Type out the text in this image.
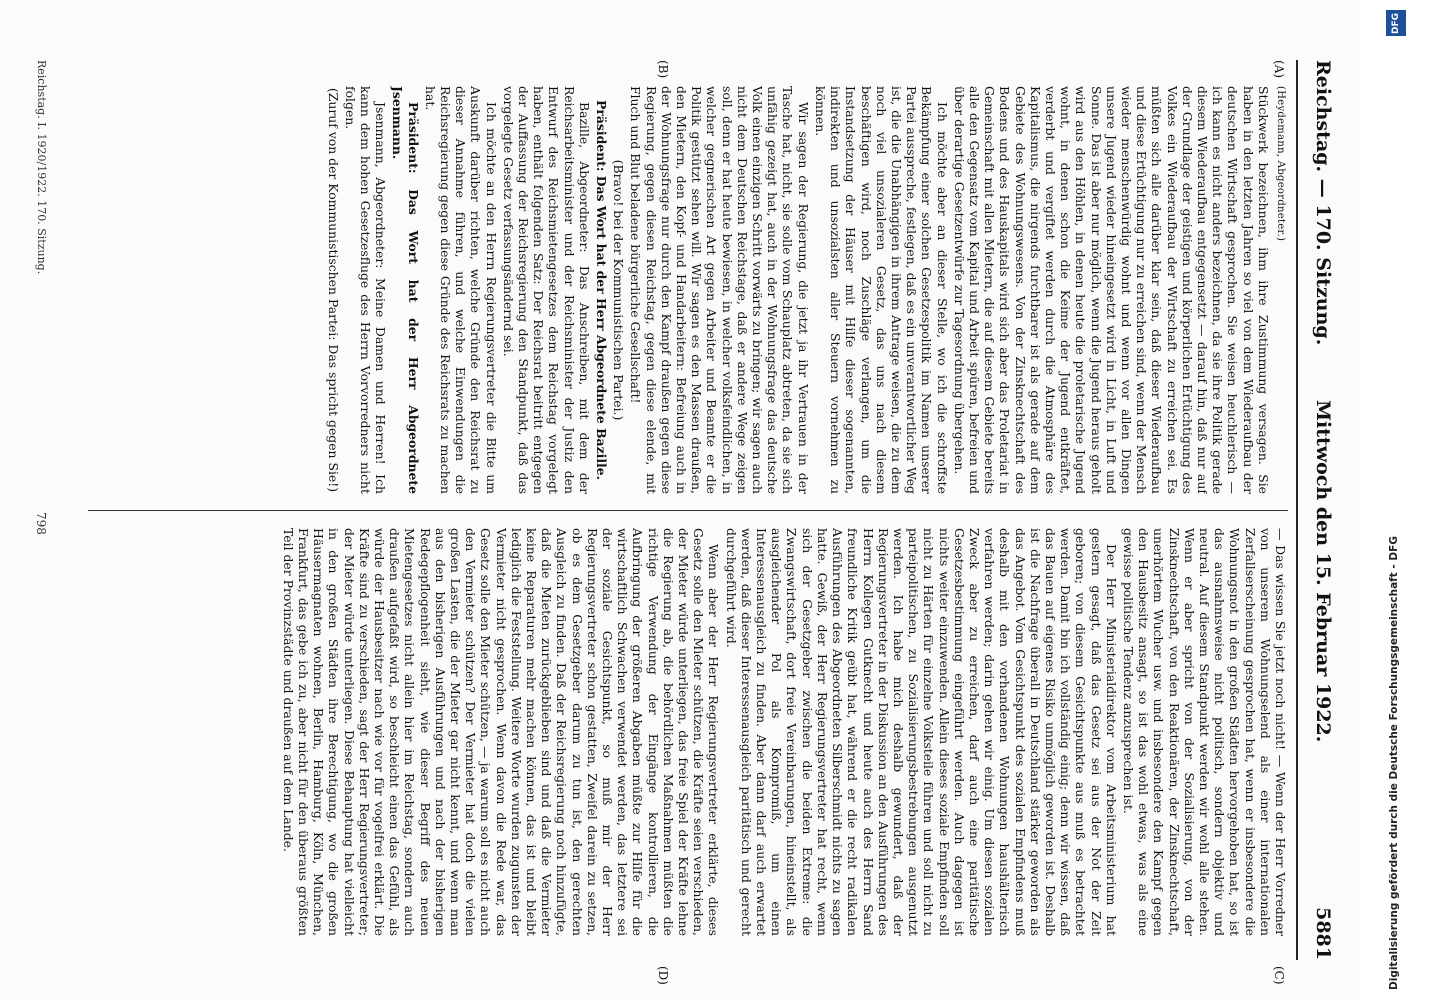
Reichstag. — 170. Sitzung.
Mittwoch den 15. Februar 1922.
5881
(A)
(B)
(C)
(D)

(Heydemann, Abgeordneter.)

Stückwerk bezeichnen, ihm ihre Zustimmung versagen. Sie haben in den letzten Jahren so viel von dem Wiederaufbau der deutschen Wirtschaft gesprochen. Sie weisen heuchlerisch — ich kann es nicht anders bezeichnen, da sie ihre Politik gerade diesem Wiederaufbau entgegensetzt — darauf hin, daß nur auf der Grundlage der geistigen und körperlichen Ertüchtigung des Volkes ein Wiederaufbau der Wirtschaft zu erreichen sei. Es müßten sich alle darüber klar sein, daß dieser Wiederaufbau und diese Ertüchtigung nur zu erreichen sind, wenn der Mensch wieder menschenwürdig wohnt und wenn vor allen Dingen unsere Jugend wieder hineingesetzt wird in Licht, in Luft und Sonne. Das ist aber nur möglich, wenn die Jugend heraus geholt wird aus den Höhlen, in denen heute die proletarische Jugend wohnt, in denen schon die Keime der Jugend entkräftet, verderbt und vergiftet werden durch die Atmosphäre des Kapitalismus, die nirgends furchtbarer ist als gerade auf dem Gebiete des Wohnungswesens. Von der Zinsknechtschaft des Bodens und des Hauskapitals wird sich aber das Proletariat in Gemeinschaft mit allen Mietern, die auf diesem Gebiete bereits alle den Gegensatz vom Kapital und Arbeit spüren, befreien und über derartige Gesetzentwürfe zur Tagesordnung übergehen.

Ich möchte aber an dieser Stelle, wo ich die schroffste Bekämpfung einer solchen Gesetzespolitik im Namen unserer Partei ausspreche, festlegen, daß es ein unverantwortlicher Weg ist, die die Unabhängigen in ihrem Antrage weisen, die zu dem noch viel unsozialeren Gesetz, das uns nach diesem beschäftigen wird, noch Zuschläge verlangen, um die Instandsetzung der Häuser mit Hilfe dieser sogenannten, indirekten und unsozialsten aller Steuern vornehmen zu können.

Wir sagen der Regierung, die jetzt ja ihr Vertrauen in der Tasche hat, nicht, sie solle vom Schauplatz abtreten, da sie sich unfähig gezeigt hat, auch in der Wohnungsfrage das deutsche Volk einen einzigen Schritt vorwärts zu bringen; wir sagen auch nicht dem Deutschen Reichstage, daß er andere Wege zeigen soll, denn er hat heute bewiesen, in welcher volksfeindlichen, in welcher gegnerischen Art gegen Arbeiter und Beamte er die Politik gestützt sehen will. Wir sagen es den Massen draußen, den Mietern, den Kopf- und Handarbeitern: Befreiung auch in der Wohnungsfrage nur durch den Kampf draußen gegen diese Regierung, gegen diesen Reichstag, gegen diese elende, mit Fluch und Blut beladene bürgerliche Gesellschaft!

(Bravo! bei der Kommunistischen Partei.)

Präsident: Das Wort hat der Herr Abgeordnete Bazille.

Bazille, Abgeordneter: Das Anschreiben, mit dem der Reichsarbeitsminister und der Reichsminister der Justiz den Entwurf des Reichsmietengesetzes dem Reichstag vorgelegt haben, enthält folgenden Satz: Der Reichsrat beitritt entgegen der Auffassung der Reichsregierung den Standpunkt, daß das vorgelegte Gesetz verfassungsändernd sei.

Ich möchte an den Herrn Regierungsvertreter die Bitte um Auskunft darüber richten, welche Gründe den Reichsrat zu dieser Annahme führen, und welche Einwendungen die Reichsregierung gegen diese Gründe des Reichsrats zu machen hat.

Präsident: Das Wort hat der Herr Abgeordnete Jsenmann.

Jsenmann, Abgeordneter: Meine Damen und Herren! Ich kann dem hohen Gesetzesfluge des Herrn Vorvorredners nicht folgen.

(Zuruf von der Kommunistischen Partei: Das spricht gegen Sie!)

— Das wissen Sie jetzt noch nicht! — Wenn der Herr Vorredner von unserem Wohnungselend als einer internationalen Zerfallserscheinung gesprochen hat, wenn er insbesondere die Wohnungsnot in den großen Städten hervorgehoben hat, so ist das ausnahmsweise nicht politisch, sondern objektiv und neutral. Auf diesem Standpunkt werden wir wohl alle stehen. Wenn er aber spricht von der Sozialisierung, von der Zinsknechtschaft, von den Reaktionären, der Zinsknechtschaft, unerhörtem Wucher usw. und insbesondere den Kampf gegen den Hausbesitz ansagt, so ist das wohl etwas, was als eine gewisse politische Tendenz anzusprechen ist.

Der Herr Ministerialdirektor vom Arbeitsministerium hat gestern gesagt, daß das Gesetz sei aus der Not der Zeit geboren; von diesem Gesichtspunkte aus muß es betrachtet werden. Damit bin ich vollständig einig; denn wir wissen, daß das Bauen auf eigenes Risiko unmöglich geworden ist. Deshalb ist die Nachfrage überall in Deutschland stärker geworden als das Angebot. Vom Gesichtspunkt des sozialen Empfindens muß deshalb mit den vorhandenen Wohnungen haushälterisch verfahren werden; darin gehen wir einig. Um diesen sozialen Zweck aber zu erreichen, darf auch eine paritätische Gesetzesbestimmung eingeführt werden. Auch dagegen ist nichts weiter einzuwenden. Allein dieses soziale Empfinden soll nicht zu Härten für einzelne Volksteile führen und soll nicht zu parteipolitischen, zu Sozialisierungsbestrebungen ausgenutzt werden. Ich habe mich deshalb gewundert, daß der Regierungsvertreter in der Diskussion an den Ausführungen des Herrn Kollegen Gutknecht und heute auch des Herrn Sand freundliche Kritik geübt hat, während er die recht radikalen Ausführungen des Abgeordneten Silberschmidt nichts zu sagen hatte. Gewiß, der Herr Regierungsvertreter hat recht, wenn sich der Gesetzgeber zwischen die beiden Extreme: die Zwangswirtschaft, dort freie Vereinbarungen, hineinstellt, als ausgleichender Pol als Kompromiß, um einen Interessenausgleich zu finden. Aber dann darf auch erwartet werden, daß dieser Interessenausgleich paritätisch und gerecht durchgeführt wird.

Wenn aber der Herr Regierungsvertreter erklärte, dieses Gesetz solle den Mieter schützen, die Kräfte seien verschieden, der Mieter würde unterliegen, das freie Spiel der Kräfte lehne die Regierung ab, die behördlichen Maßnahmen müßten die richtige Verwendung der Eingänge kontrollieren, die Aufbringung der größeren Abgaben müßte zur Hilfe für die wirtschaftlich Schwachen verwendet werden, das letztere sei der soziale Gesichtspunkt, so muß mir der Herr Regierungsvertreter schon gestatten, Zweifel darein zu setzen, ob es dem Gesetzgeber darum zu tun ist, den gerechten Ausgleich zu finden. Daß der Reichsregierung noch hinzufügte, daß die Mieten zurückgeblieben sind und daß die Vermieter keine Reparaturen mehr machen können, das ist und bleibt lediglich die Feststellung. Weitere Worte wurden zugunsten der Vermieter nicht gesprochen. Wenn davon die Rede war, das Gesetz solle den Mieter schützen, — ja warum soll es nicht auch den Vermieter schützen? Der Vermieter hat doch die vielen großen Lasten, die der Mieter gar nicht kennt, und wenn man aus den bisherigen Ausführungen und nach der bisherigen Redegepflogenheit sieht, wie dieser Begriff des neuen Mietengesetzes nicht allein hier im Reichstag, sondern auch draußen aufgefaßt wird, so beschleicht einen das Gefühl, als würde der Hausbesitzer nach wie vor für vogelfrei erklärt. Die Kräfte sind zu verschieden, sagt der Herr Regierungsvertreter; der Mieter würde unterliegen. Diese Behauptung hat vielleicht in den großen Städten ihre Berechtigung, wo die großen Häusermagnaten wohnen, Berlin, Hamburg, Köln, München, Frankfurt, das gebe ich zu, aber nicht für den überaus größten Teil der Provinzstädte und draußen auf dem Lande.

Reichstag. I. 1920/1922. 170. Sitzung.
798
DFG
Digitalisierung gefördert durch die Deutsche Forschungsgemeinschaft - DFG
